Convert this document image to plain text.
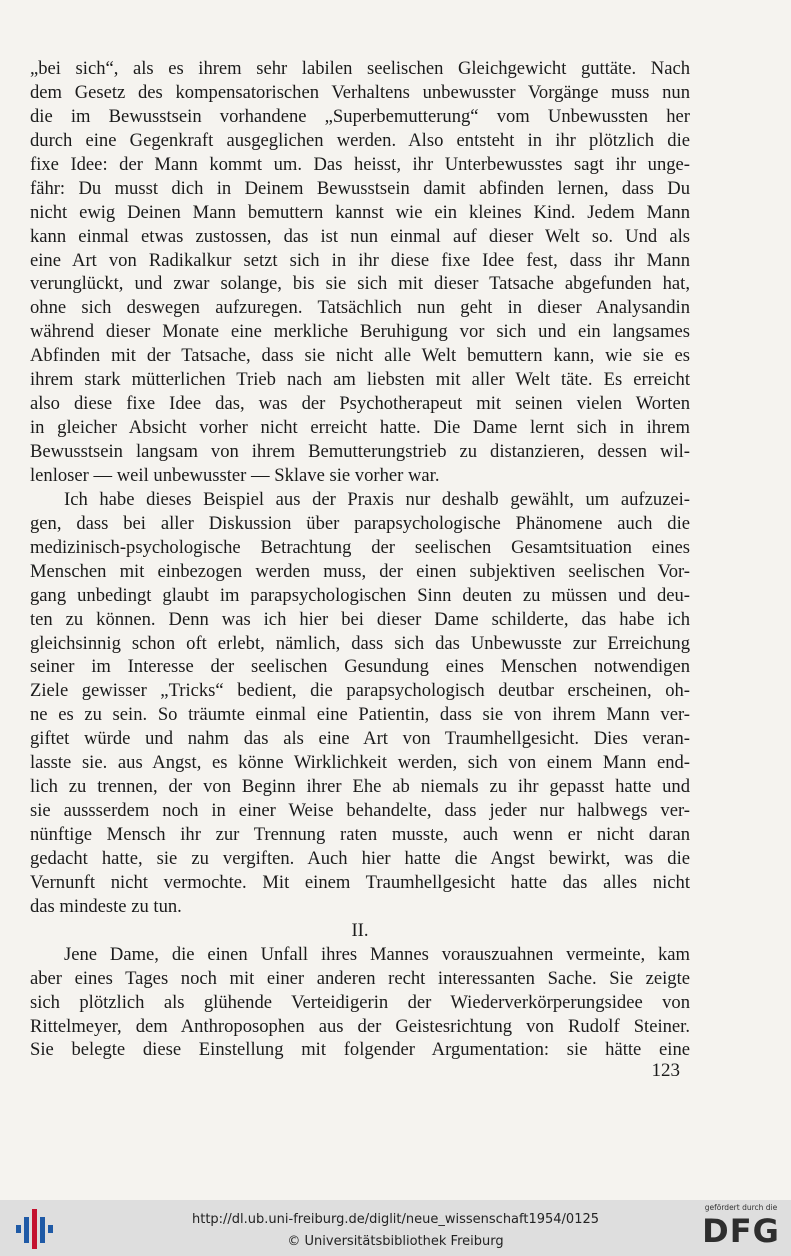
„bei sich“, als es ihrem sehr labilen seelischen Gleichgewicht guttäte. Nach
dem Gesetz des kompensatorischen Verhaltens unbewusster Vorgänge muss nun
die im Bewusstsein vorhandene „Superbemutterung“ vom Unbewussten her
durch eine Gegenkraft ausgeglichen werden. Also entsteht in ihr plötzlich die
fixe Idee: der Mann kommt um. Das heisst, ihr Unterbewusstes sagt ihr unge-
fähr: Du musst dich in Deinem Bewusstsein damit abfinden lernen, dass Du
nicht ewig Deinen Mann bemuttern kannst wie ein kleines Kind. Jedem Mann
kann einmal etwas zustossen, das ist nun einmal auf dieser Welt so. Und als
eine Art von Radikalkur setzt sich in ihr diese fixe Idee fest, dass ihr Mann
verunglückt, und zwar solange, bis sie sich mit dieser Tatsache abgefunden hat,
ohne sich deswegen aufzuregen. Tatsächlich nun geht in dieser Analysandin
während dieser Monate eine merkliche Beruhigung vor sich und ein langsames
Abfinden mit der Tatsache, dass sie nicht alle Welt bemuttern kann, wie sie es
ihrem stark mütterlichen Trieb nach am liebsten mit aller Welt täte. Es erreicht
also diese fixe Idee das, was der Psychotherapeut mit seinen vielen Worten
in gleicher Absicht vorher nicht erreicht hatte. Die Dame lernt sich in ihrem
Bewusstsein langsam von ihrem Bemutterungstrieb zu distanzieren, dessen wil-
lenloser — weil unbewusster — Sklave sie vorher war.
Ich habe dieses Beispiel aus der Praxis nur deshalb gewählt, um aufzuzei-
gen, dass bei aller Diskussion über parapsychologische Phänomene auch die
medizinisch-psychologische Betrachtung der seelischen Gesamtsituation eines
Menschen mit einbezogen werden muss, der einen subjektiven seelischen Vor-
gang unbedingt glaubt im parapsychologischen Sinn deuten zu müssen und deu-
ten zu können. Denn was ich hier bei dieser Dame schilderte, das habe ich
gleichsinnig schon oft erlebt, nämlich, dass sich das Unbewusste zur Erreichung
seiner im Interesse der seelischen Gesundung eines Menschen notwendigen
Ziele gewisser „Tricks“ bedient, die parapsychologisch deutbar erscheinen, oh-
ne es zu sein. So träumte einmal eine Patientin, dass sie von ihrem Mann ver-
giftet würde und nahm das als eine Art von Traumhellgesicht. Dies veran-
lasste sie. aus Angst, es könne Wirklichkeit werden, sich von einem Mann end-
lich zu trennen, der von Beginn ihrer Ehe ab niemals zu ihr gepasst hatte und
sie aussserdem noch in einer Weise behandelte, dass jeder nur halbwegs ver-
nünftige Mensch ihr zur Trennung raten musste, auch wenn er nicht daran
gedacht hatte, sie zu vergiften. Auch hier hatte die Angst bewirkt, was die
Vernunft nicht vermochte. Mit einem Traumhellgesicht hatte das alles nicht
das mindeste zu tun.
II.
Jene Dame, die einen Unfall ihres Mannes vorauszuahnen vermeinte, kam
aber eines Tages noch mit einer anderen recht interessanten Sache. Sie zeigte
sich plötzlich als glühende Verteidigerin der Wiederverkörperungsidee von
Rittelmeyer, dem Anthroposophen aus der Geistesrichtung von Rudolf Steiner.
Sie belegte diese Einstellung mit folgender Argumentation: sie hätte eine
123
http://dl.ub.uni-freiburg.de/diglit/neue_wissenschaft1954/0125
© Universitätsbibliothek Freiburg
gefördert durch die
DFG
